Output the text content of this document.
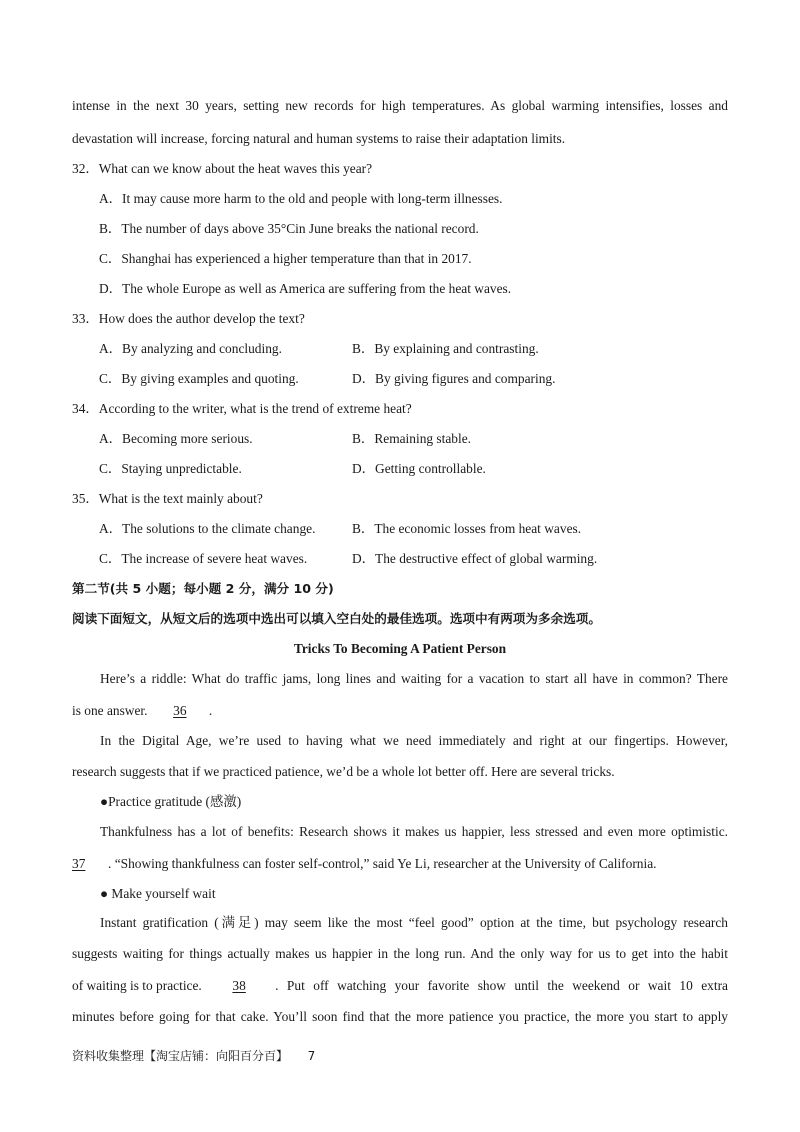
intense in the next 30 years, setting new records for high temperatures. As global warming intensifies, losses and
devastation will increase, forcing natural and human systems to raise their adaptation limits.
32．What can we know about the heat waves this year?
A．It may cause more harm to the old and people with long-term illnesses.
B．The number of days above 35°Cin June breaks the national record.
C．Shanghai has experienced a higher temperature than that in 2017.
D．The whole Europe as well as America are suffering from the heat waves.
33．How does the author develop the text?
A．By analyzing and concluding.	B．By explaining and contrasting.
C．By giving examples and quoting.	D．By giving figures and comparing.
34．According to the writer, what is the trend of extreme heat?
A．Becoming more serious.	B．Remaining stable.
C．Staying unpredictable.	D．Getting controllable.
35．What is the text mainly about?
A．The solutions to the climate change.	B．The economic losses from heat waves.
C．The increase of severe heat waves.	D．The destructive effect of global warming.
第二节(共 5 小题；每小题 2 分，满分 10 分)
阅读下面短文，从短文后的选项中选出可以填入空白处的最佳选项。选项中有两项为多余选项。
Tricks To Becoming A Patient Person
Here’s a riddle: What do traffic jams, long lines and waiting for a vacation to start all have in common? There
is one answer. 36 .
In the Digital Age, we’re used to having what we need immediately and right at our fingertips. However,
research suggests that if we practiced patience, we’d be a whole lot better off. Here are several tricks.
●Practice gratitude (感激)
Thankfulness has a lot of benefits: Research shows it makes us happier, less stressed and even more optimistic.
37 . “Showing thankfulness can foster self-control,” said Ye Li, researcher at the University of California.
● Make yourself wait
Instant gratification (满足) may seem like the most “feel good” option at the time, but psychology research
suggests waiting for things actually makes us happier in the long run. And the only way for us to get into the habit
of waiting is to practice.	38	. Put off watching your favorite show until the weekend or wait 10 extra
minutes before going for that cake. You’ll soon find that the more patience you practice, the more you start to apply
资料收集整理【淘宝店铺：向阳百分百】 7
